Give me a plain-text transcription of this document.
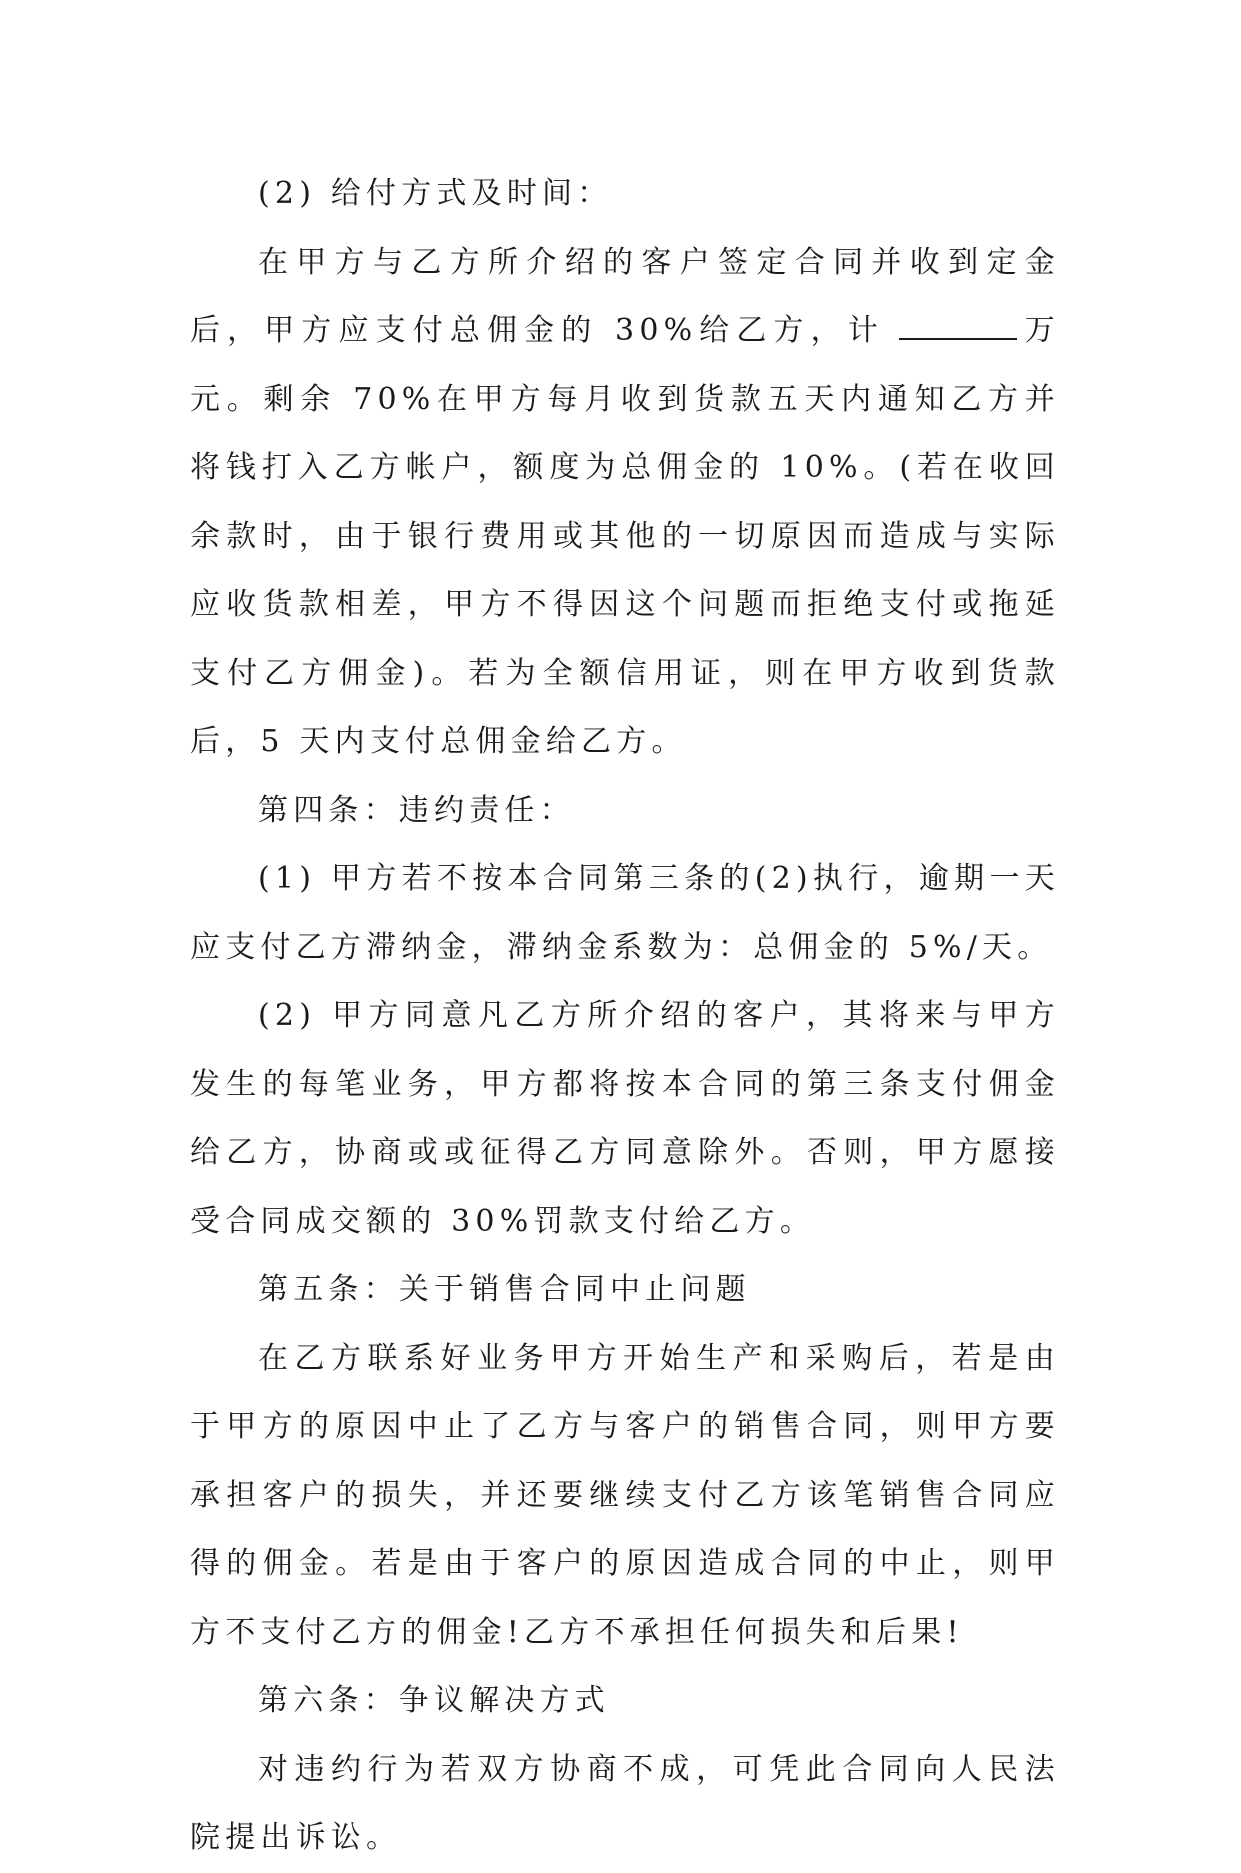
(2) 给付方式及时间：

在甲方与乙方所介绍的客户签定合同并收到定金后，甲方应支付总佣金的 30%给乙方，计	万元。剩余 70%在甲方每月收到货款五天内通知乙方并将钱打入乙方帐户，额度为总佣金的 10%。(若在收回余款时，由于银行费用或其他的一切原因而造成与实际应收货款相差，甲方不得因这个问题而拒绝支付或拖延支付乙方佣金)。若为全额信用证，则在甲方收到货款后，5 天内支付总佣金给乙方。

第四条：违约责任：

(1) 甲方若不按本合同第三条的(2)执行，逾期一天应支付乙方滞纳金，滞纳金系数为：总佣金的 5%/天。

(2) 甲方同意凡乙方所介绍的客户，其将来与甲方发生的每笔业务，甲方都将按本合同的第三条支付佣金给乙方，协商或或征得乙方同意除外。否则，甲方愿接受合同成交额的 30%罚款支付给乙方。

第五条：关于销售合同中止问题

在乙方联系好业务甲方开始生产和采购后，若是由于甲方的原因中止了乙方与客户的销售合同，则甲方要承担客户的损失，并还要继续支付乙方该笔销售合同应得的佣金。若是由于客户的原因造成合同的中止，则甲方不支付乙方的佣金!乙方不承担任何损失和后果!

第六条：争议解决方式

对违约行为若双方协商不成，可凭此合同向人民法院提出诉讼。
